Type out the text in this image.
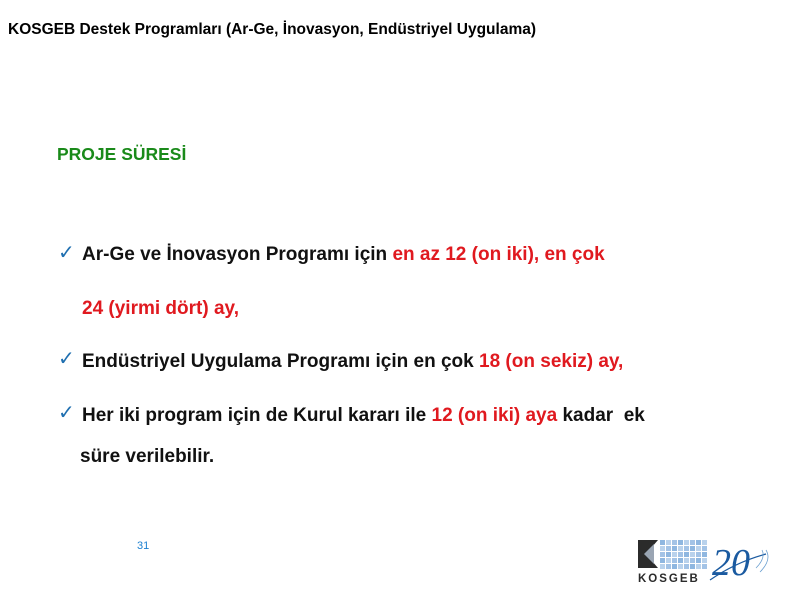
KOSGEB Destek Programları (Ar-Ge, İnovasyon, Endüstriyel Uygulama)
PROJE SÜRESİ
✓ Ar-Ge ve İnovasyon Programı için en az 12 (on iki), en çok
24 (yirmi dört) ay,
✓ Endüstriyel Uygulama Programı için en çok 18 (on sekiz) ay,
✓ Her iki program için de Kurul kararı ile 12 (on iki) aya kadar  ek
süre verilebilir.
31
KOSGEB 20
